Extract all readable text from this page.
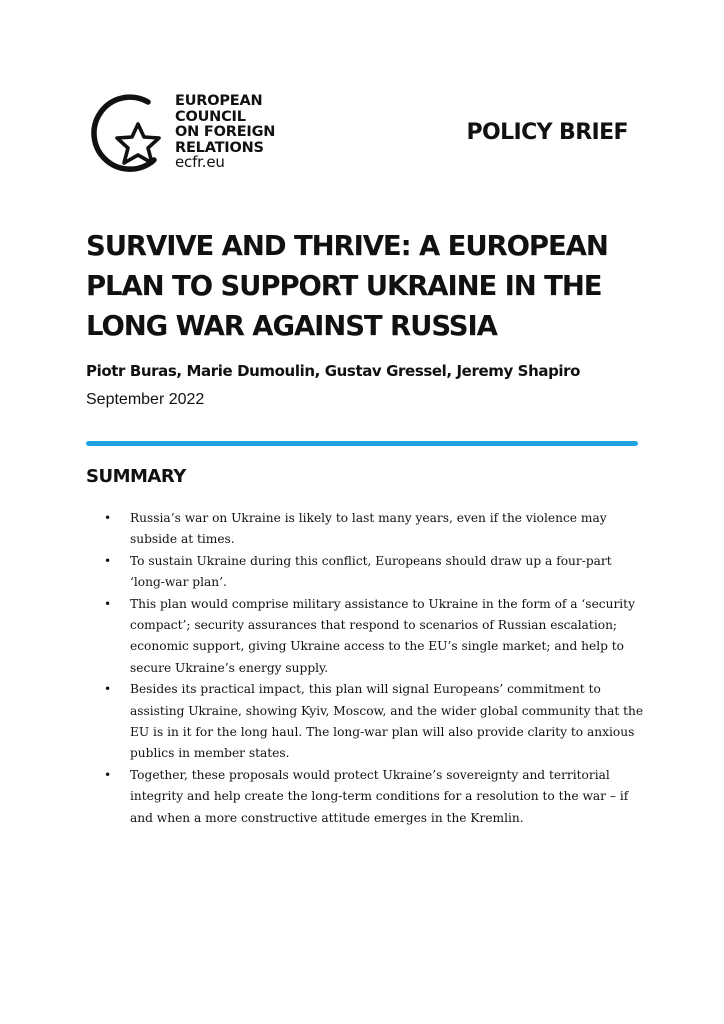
EUROPEAN
COUNCIL
ON FOREIGN
RELATIONS
ecfr.eu
POLICY BRIEF
SURVIVE AND THRIVE: A EUROPEAN
PLAN TO SUPPORT UKRAINE IN THE
LONG WAR AGAINST RUSSIA
Piotr Buras, Marie Dumoulin, Gustav Gressel, Jeremy Shapiro
September 2022
SUMMARY
• Russia’s war on Ukraine is likely to last many years, even if the violence may subside at times.
• To sustain Ukraine during this conflict, Europeans should draw up a four-part ‘long-war plan’.
• This plan would comprise military assistance to Ukraine in the form of a ‘security compact’; security assurances that respond to scenarios of Russian escalation; economic support, giving Ukraine access to the EU’s single market; and help to secure Ukraine’s energy supply.
• Besides its practical impact, this plan will signal Europeans’ commitment to assisting Ukraine, showing Kyiv, Moscow, and the wider global community that the EU is in it for the long haul. The long-war plan will also provide clarity to anxious publics in member states.
• Together, these proposals would protect Ukraine’s sovereignty and territorial integrity and help create the long-term conditions for a resolution to the war – if and when a more constructive attitude emerges in the Kremlin.
